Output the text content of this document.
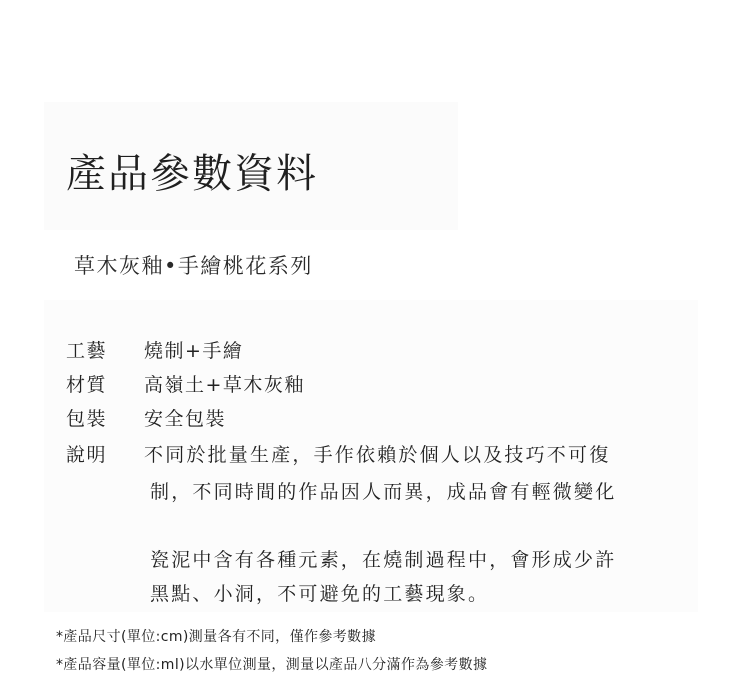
產品參數資料
草木灰釉•手繪桃花系列
工藝 燒制+手繪
材質 高嶺土+草木灰釉
包裝 安全包裝
說明 不同於批量生產，手作依賴於個人以及技巧不可復
制，不同時間的作品因人而異，成品會有輕微變化
瓷泥中含有各種元素，在燒制過程中，會形成少許
黑點、小洞，不可避免的工藝現象。
*產品尺寸(單位:cm)測量各有不同，僅作參考數據
*產品容量(單位:ml)以水單位測量，測量以產品八分滿作為參考數據
